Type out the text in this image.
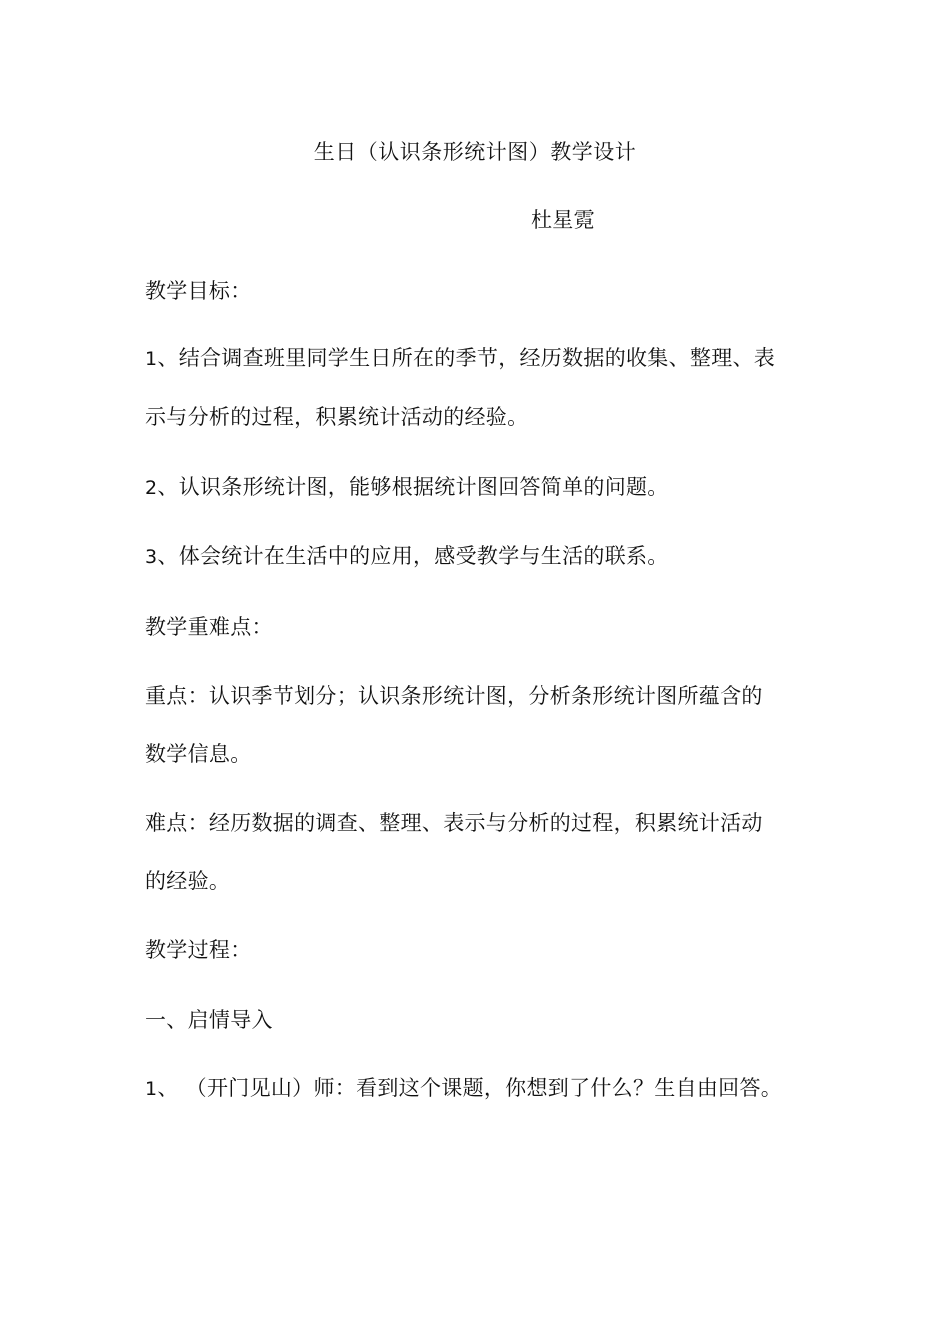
生日（认识条形统计图）教学设计
杜星霓
教学目标：
1、结合调查班里同学生日所在的季节，经历数据的收集、整理、表
示与分析的过程，积累统计活动的经验。
2、认识条形统计图，能够根据统计图回答简单的问题。
3、体会统计在生活中的应用，感受教学与生活的联系。
教学重难点：
重点：认识季节划分；认识条形统计图，分析条形统计图所蕴含的
数学信息。
难点：经历数据的调查、整理、表示与分析的过程，积累统计活动
的经验。
教学过程：
一、启情导入
1、 （开门见山）师：看到这个课题，你想到了什么？生自由回答。
